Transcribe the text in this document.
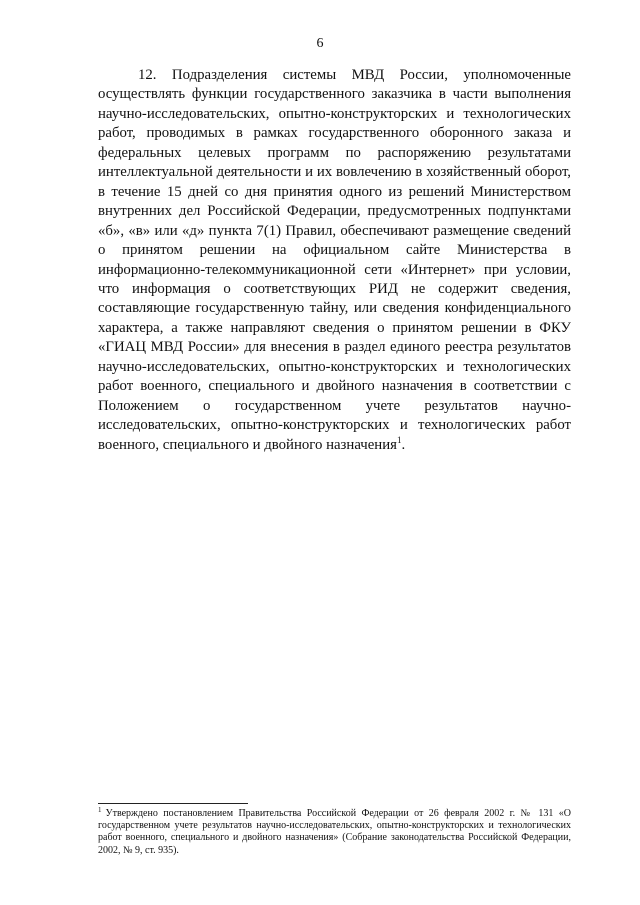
6

12. Подразделения системы МВД России, уполномоченные осуществлять функции государственного заказчика в части выполнения научно-исследовательских, опытно-конструкторских и технологических работ, проводимых в рамках государственного оборонного заказа и федеральных целевых программ по распоряжению результатами интеллектуальной деятельности и их вовлечению в хозяйственный оборот, в течение 15 дней со дня принятия одного из решений Министерством внутренних дел Российской Федерации, предусмотренных подпунктами «б», «в» или «д» пункта 7(1) Правил, обеспечивают размещение сведений о принятом решении на официальном сайте Министерства в информационно-телекоммуникационной сети «Интернет» при условии, что информация о соответствующих РИД не содержит сведения, составляющие государственную тайну, или сведения конфиденциального характера, а также направляют сведения о принятом решении в ФКУ «ГИАЦ МВД России» для внесения в раздел единого реестра результатов научно-исследовательских, опытно-конструкторских и технологических работ военного, специального и двойного назначения в соответствии с Положением о государственном учете результатов научно-исследовательских, опытно-конструкторских и технологических работ военного, специального и двойного назначения$^1$.

$^1$ Утверждено постановлением Правительства Российской Федерации от 26 февраля 2002 г. № 131 «О государственном учете результатов научно-исследовательских, опытно-конструкторских и технологических работ военного, специального и двойного назначения» (Собрание законодательства Российской Федерации, 2002, № 9, ст. 935).
